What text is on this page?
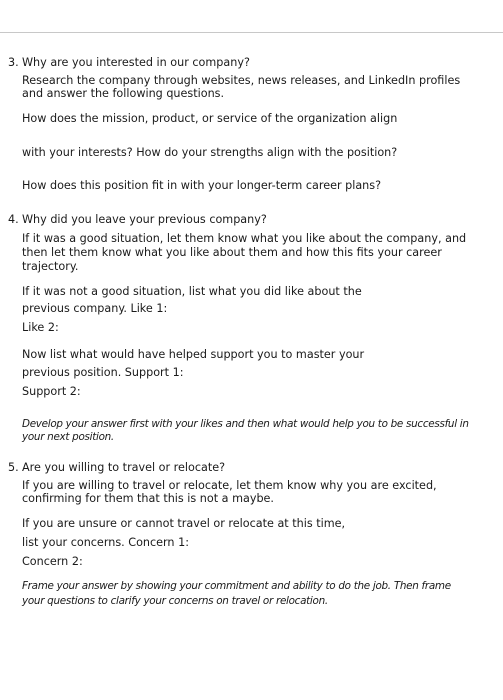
3. Why are you interested in our company?
Research the company through websites, news releases, and LinkedIn profiles
and answer the following questions.
How does the mission, product, or service of the organization align
with your interests? How do your strengths align with the position?
How does this position fit in with your longer-term career plans?
4. Why did you leave your previous company?
If it was a good situation, let them know what you like about the company, and
then let them know what you like about them and how this fits your career
trajectory.
If it was not a good situation, list what you did like about the
previous company. Like 1:
Like 2:
Now list what would have helped support you to master your
previous position. Support 1:
Support 2:
Develop your answer first with your likes and then what would help you to be successful in
your next position.
5. Are you willing to travel or relocate?
If you are willing to travel or relocate, let them know why you are excited,
confirming for them that this is not a maybe.
If you are unsure or cannot travel or relocate at this time,
list your concerns. Concern 1:
Concern 2:
Frame your answer by showing your commitment and ability to do the job. Then frame
your questions to clarify your concerns on travel or relocation.
